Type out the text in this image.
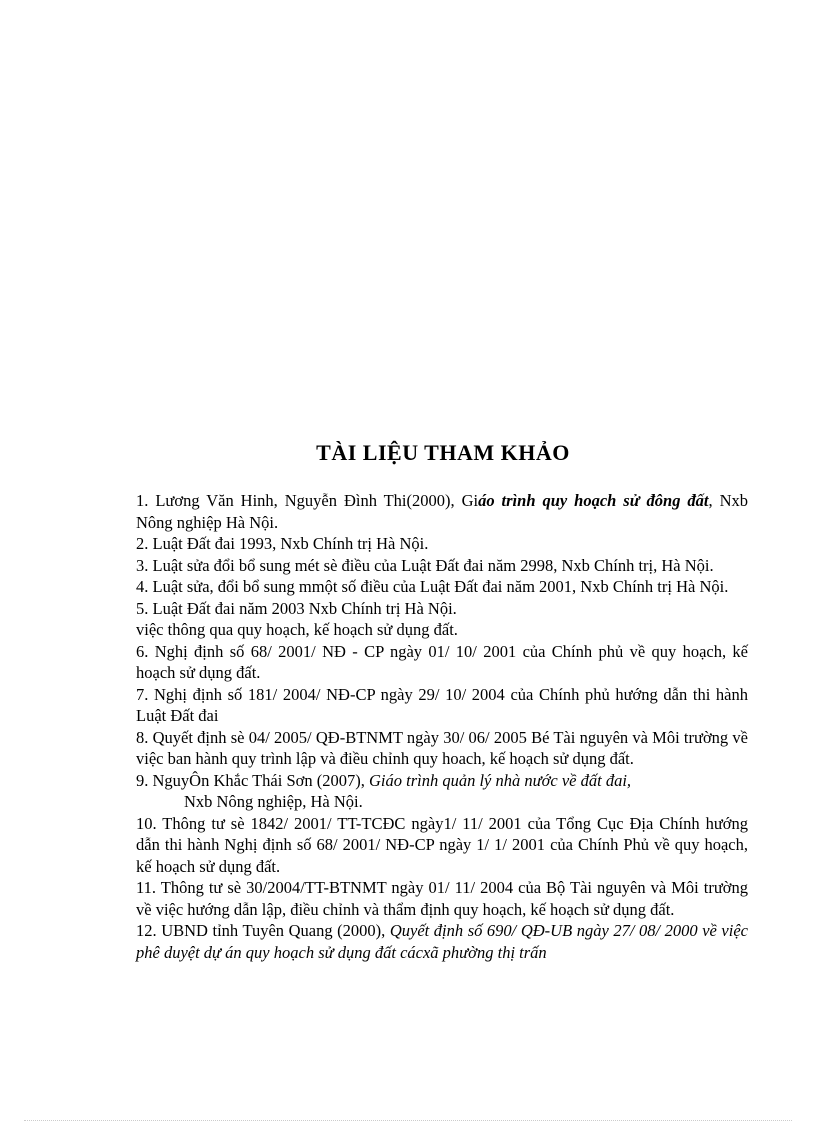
TÀI LIỆU THAM KHẢO

1. Lương Văn Hinh, Nguyễn Đình Thi(2000), Giáo trình quy hoạch sử đông đất, Nxb Nông nghiệp Hà Nội.

2. Luật Đất đai 1993, Nxb Chính trị Hà Nội.

3. Luật sửa đổi bổ sung mét sè điều của Luật Đất đai năm 2998, Nxb Chính trị, Hà Nội.

4. Luật sửa, đổi bổ sung mmột số điều của Luật Đất đai năm 2001, Nxb Chính trị Hà Nội.

5. Luật Đất đai năm 2003 Nxb Chính trị Hà Nội.

việc thông qua quy hoạch, kế hoạch sử dụng đất.

6. Nghị định số 68/ 2001/ NĐ - CP ngày 01/ 10/ 2001 của Chính phủ về quy hoạch, kế hoạch sử dụng đất.

7. Nghị định số 181/ 2004/ NĐ-CP ngày 29/ 10/ 2004 của Chính phủ hướng dẫn thi hành Luật Đất đai

8. Quyết định sè 04/ 2005/ QĐ-BTNMT ngày 30/ 06/ 2005 Bé Tài nguyên và Môi trường về việc ban hành quy trình lập và điều chỉnh quy hoach, kế hoạch sử dụng đất.

9. NguyÔn Khắc Thái Sơn (2007), Giáo trình quản lý nhà nước về đất đai,

Nxb Nông nghiệp, Hà Nội.

10. Thông tư sè 1842/ 2001/ TT-TCĐC ngày1/ 11/ 2001 của Tổng Cục Địa Chính hướng dẫn thi hành Nghị định số 68/ 2001/ NĐ-CP ngày 1/ 1/ 2001 của Chính Phủ về quy hoạch, kế hoạch sử dụng đất.

11. Thông tư sè 30/2004/TT-BTNMT ngày 01/ 11/ 2004 của Bộ Tài nguyên và Môi trường về việc hướng dẫn lập, điều chỉnh và thẩm định quy hoạch, kế hoạch sử dụng đất.

12. UBND tỉnh Tuyên Quang (2000), Quyết định số 690/ QĐ-UB ngày 27/ 08/ 2000 về việc phê duyệt dự án quy hoạch sử dụng đất cácxã phường thị trấn
